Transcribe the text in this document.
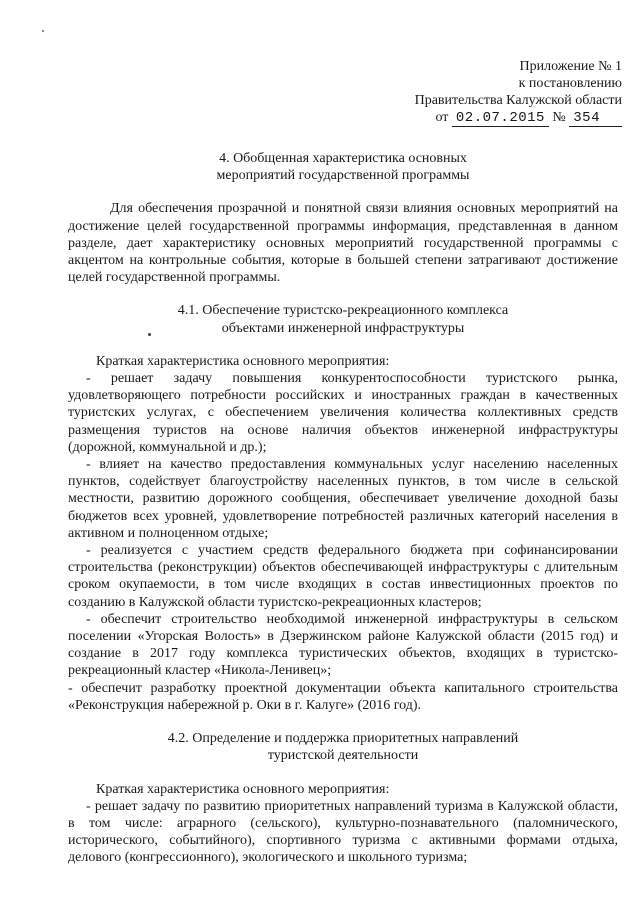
Приложение № 1
к постановлению
Правительства Калужской области
от 02.07.2015 № 354
4. Обобщенная характеристика основных
мероприятий государственной программы

Для обеспечения прозрачной и понятной связи влияния основных мероприятий на достижение целей государственной программы информация, представленная в данном разделе, дает характеристику основных мероприятий государственной программы с акцентом на контрольные события, которые в большей степени затрагивают достижение целей государственной программы.

4.1. Обеспечение туристско-рекреационного комплекса
объектами инженерной инфраструктуры

Краткая характеристика основного мероприятия:

- решает задачу повышения конкурентоспособности туристского рынка, удовлетворяющего потребности российских и иностранных граждан в качественных туристских услугах, с обеспечением увеличения количества коллективных средств размещения туристов на основе наличия объектов инженерной инфраструктуры (дорожной, коммунальной и др.);

- влияет на качество предоставления коммунальных услуг населению населенных пунктов, содействует благоустройству населенных пунктов, в том числе в сельской местности, развитию дорожного сообщения, обеспечивает увеличение доходной базы бюджетов всех уровней, удовлетворение потребностей различных категорий населения в активном и полноценном отдыхе;

- реализуется с участием средств федерального бюджета при софинансировании строительства (реконструкции) объектов обеспечивающей инфраструктуры с длительным сроком окупаемости, в том числе входящих в состав инвестиционных проектов по созданию в Калужской области туристско-рекреационных кластеров;

- обеспечит строительство необходимой инженерной инфраструктуры в сельском поселении «Угорская Волость» в Дзержинском районе Калужской области (2015 год) и создание в 2017 году комплекса туристических объектов, входящих в туристско-рекреационный кластер «Никола-Ленивец»;

- обеспечит разработку проектной документации объекта капитального строительства «Реконструкция набережной р. Оки в г. Калуге» (2016 год).

4.2. Определение и поддержка приоритетных направлений
туристской деятельности

Краткая характеристика основного мероприятия:

- решает задачу по развитию приоритетных направлений туризма в Калужской области, в том числе: аграрного (сельского), культурно-познавательного (паломнического, исторического, событийного), спортивного туризма с активными формами отдыха, делового (конгрессионного), экологического и школьного туризма;
